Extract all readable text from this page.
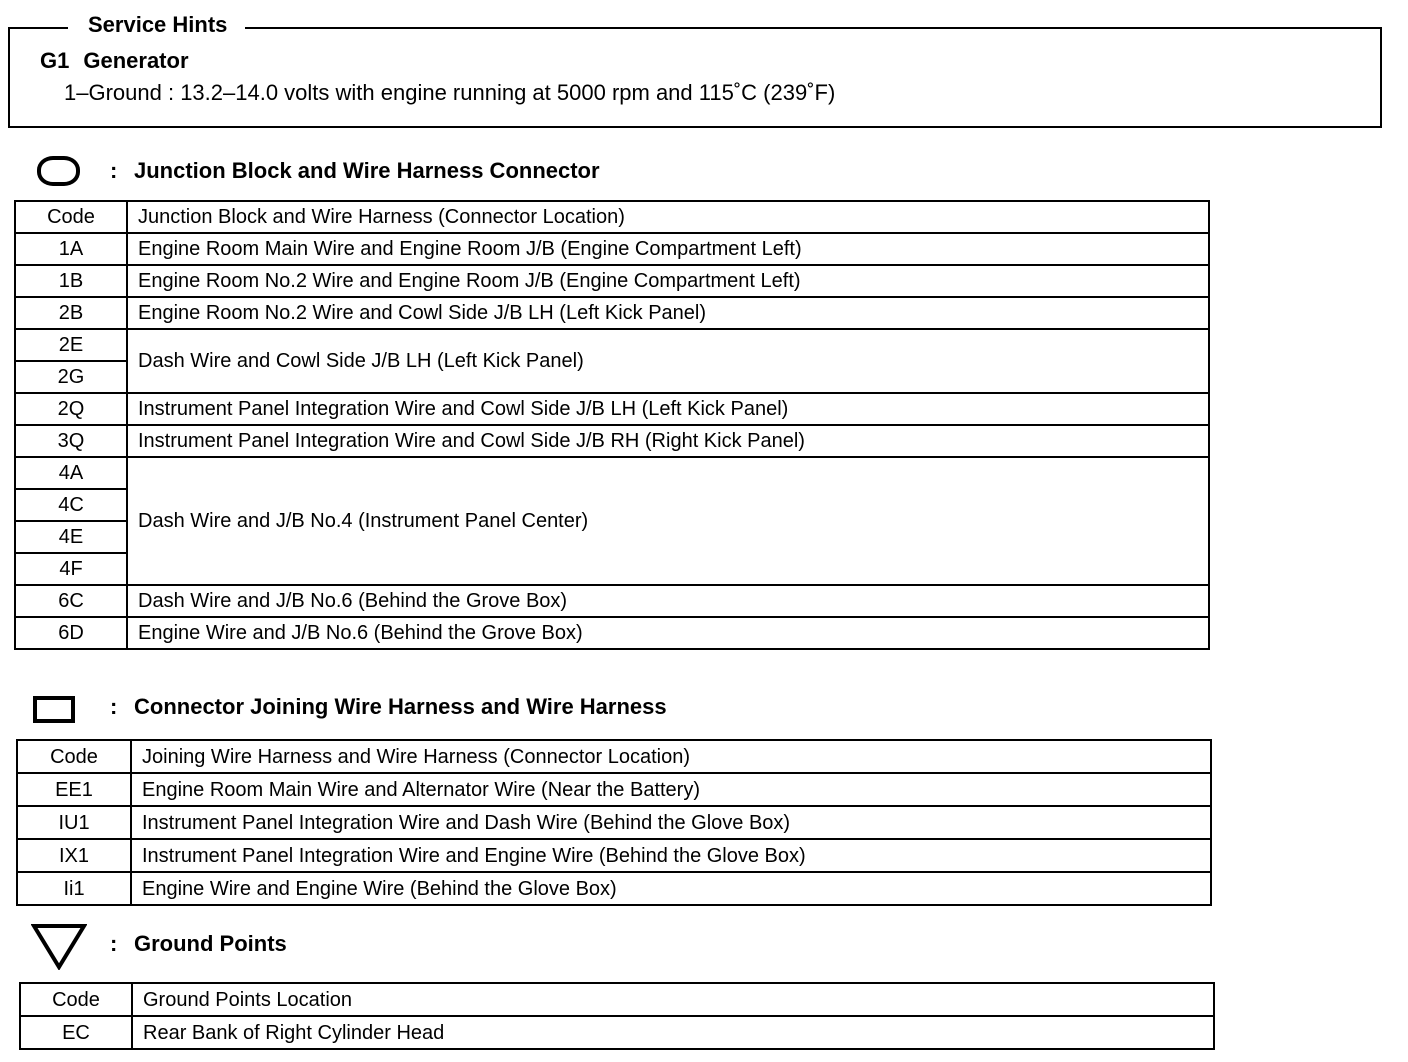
Service Hints
G1 Generator
1–Ground : 13.2–14.0 volts with engine running at 5000 rpm and 115˚C (239˚F)
: Junction Block and Wire Harness Connector
Code	Junction Block and Wire Harness (Connector Location)
1A	Engine Room Main Wire and Engine Room J/B (Engine Compartment Left)
1B	Engine Room No.2 Wire and Engine Room J/B (Engine Compartment Left)
2B	Engine Room No.2 Wire and Cowl Side J/B LH (Left Kick Panel)
2E	Dash Wire and Cowl Side J/B LH (Left Kick Panel)
2G	
2Q	Instrument Panel Integration Wire and Cowl Side J/B LH (Left Kick Panel)
3Q	Instrument Panel Integration Wire and Cowl Side J/B RH (Right Kick Panel)
4A	Dash Wire and J/B No.4 (Instrument Panel Center)
4C	
4E	
4F	
6C	Dash Wire and J/B No.6 (Behind the Grove Box)
6D	Engine Wire and J/B No.6 (Behind the Grove Box)
: Connector Joining Wire Harness and Wire Harness
Code	Joining Wire Harness and Wire Harness (Connector Location)
EE1	Engine Room Main Wire and Alternator Wire (Near the Battery)
IU1	Instrument Panel Integration Wire and Dash Wire (Behind the Glove Box)
IX1	Instrument Panel Integration Wire and Engine Wire (Behind the Glove Box)
Ii1	Engine Wire and Engine Wire (Behind the Glove Box)
: Ground Points
Code	Ground Points Location
EC	Rear Bank of Right Cylinder Head
